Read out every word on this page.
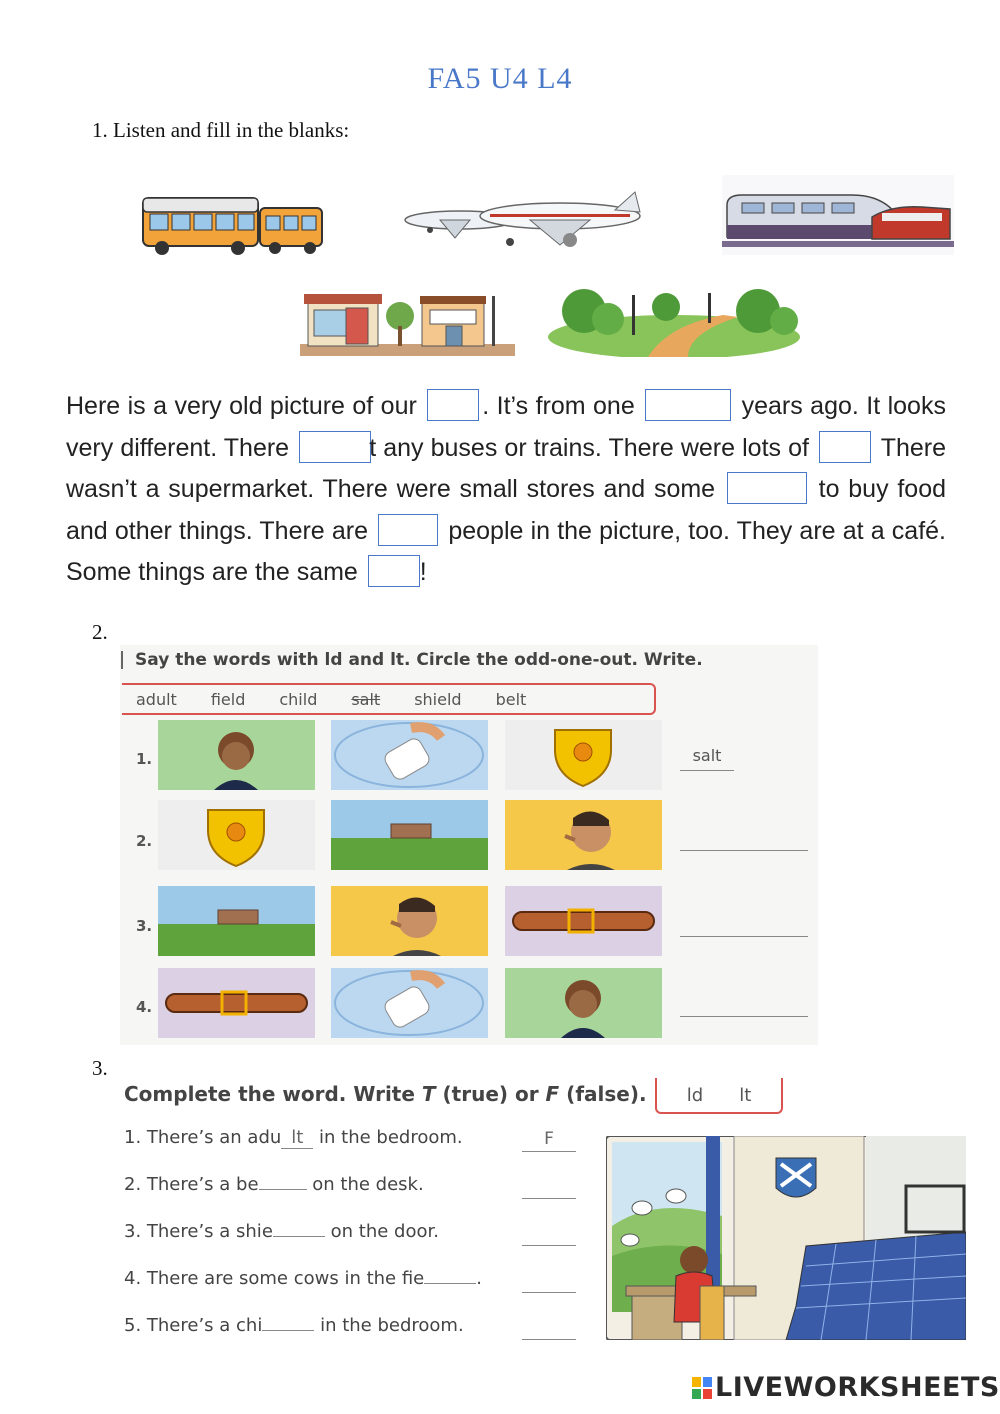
FA5 U4 L4
1. Listen and fill in the blanks:
Here is a very old picture of our	. It’s from one	years ago. It looks very different. There	t any buses or trains. There were lots of	There wasn’t a supermarket. There were small stores and some	to buy food and other things. There are	people in the picture, too. They are at a café. Some things are the same !
2.
Say the words with ld and lt. Circle the odd-one-out. Write.
adult field child salt shield belt
1.
2.
3.
4.
salt
3.
Complete the word. Write T (true) or F (false). ld lt
1. There’s an adu lt in the bedroom.	F
2. There’s a be	on the desk.
3. There’s a shie	on the door.
4. There are some cows in the fie	.
5. There’s a chi	in the bedroom.
LIVEWORKSHEETS
